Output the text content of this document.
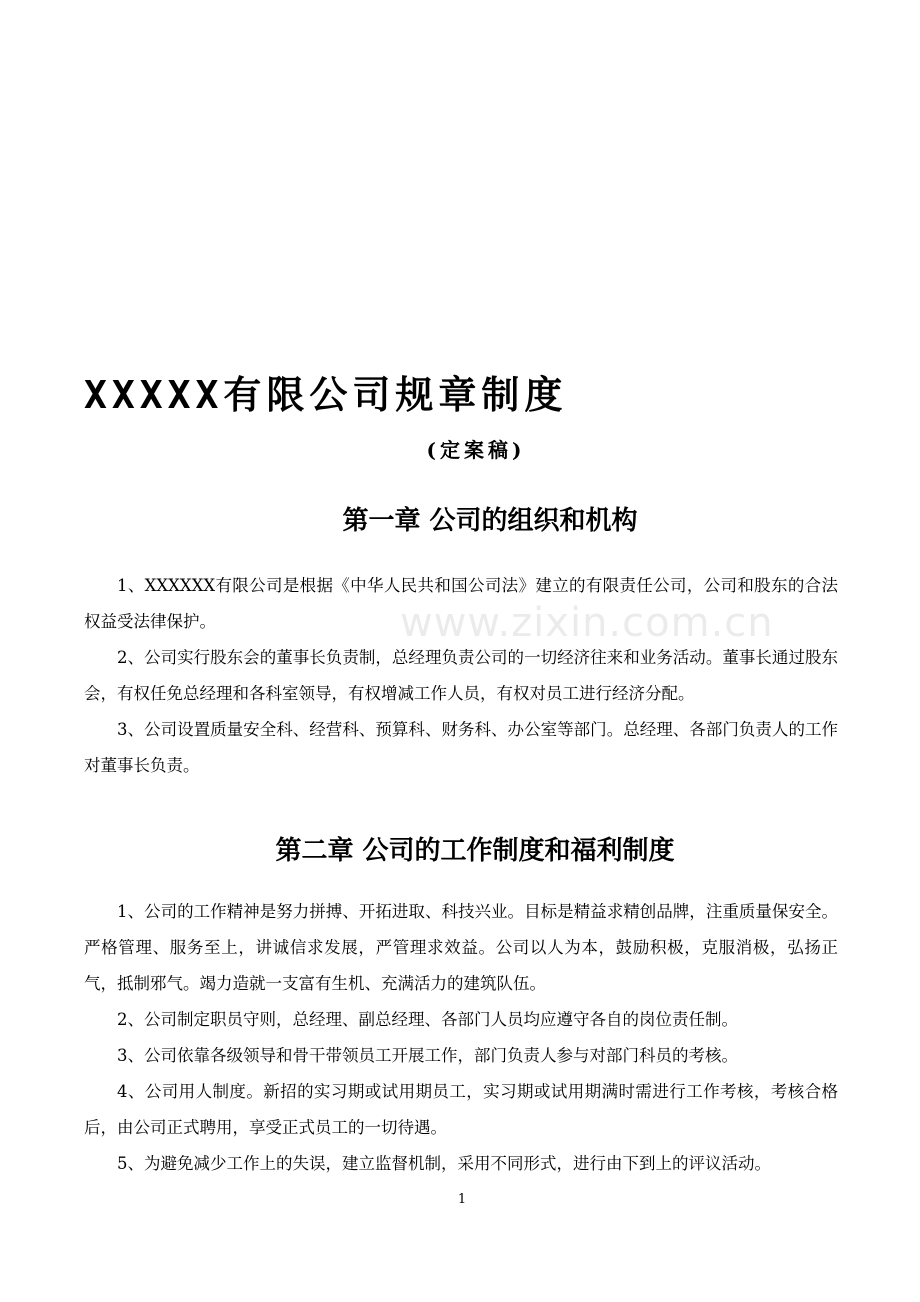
XXXXX有限公司规章制度
(定案稿)
第一章 公司的组织和机构

1、XXXXXX有限公司是根据《中华人民共和国公司法》建立的有限责任公司，公司和股东的合法权益受法律保护。

2、公司实行股东会的董事长负责制，总经理负责公司的一切经济往来和业务活动。董事长通过股东会，有权任免总经理和各科室领导，有权增减工作人员，有权对员工进行经济分配。

3、公司设置质量安全科、经营科、预算科、财务科、办公室等部门。总经理、各部门负责人的工作对董事长负责。

www.zixin.com.cn
第二章 公司的工作制度和福利制度

1、公司的工作精神是努力拼搏、开拓进取、科技兴业。目标是精益求精创品牌，注重质量保安全。严格管理、服务至上，讲诚信求发展，严管理求效益。公司以人为本，鼓励积极，克服消极，弘扬正气，抵制邪气。竭力造就一支富有生机、充满活力的建筑队伍。

2、公司制定职员守则，总经理、副总经理、各部门人员均应遵守各自的岗位责任制。

3、公司依靠各级领导和骨干带领员工开展工作，部门负责人参与对部门科员的考核。

4、公司用人制度。新招的实习期或试用期员工，实习期或试用期满时需进行工作考核，考核合格后，由公司正式聘用，享受正式员工的一切待遇。

5、为避免减少工作上的失误，建立监督机制，采用不同形式，进行由下到上的评议活动。

1
